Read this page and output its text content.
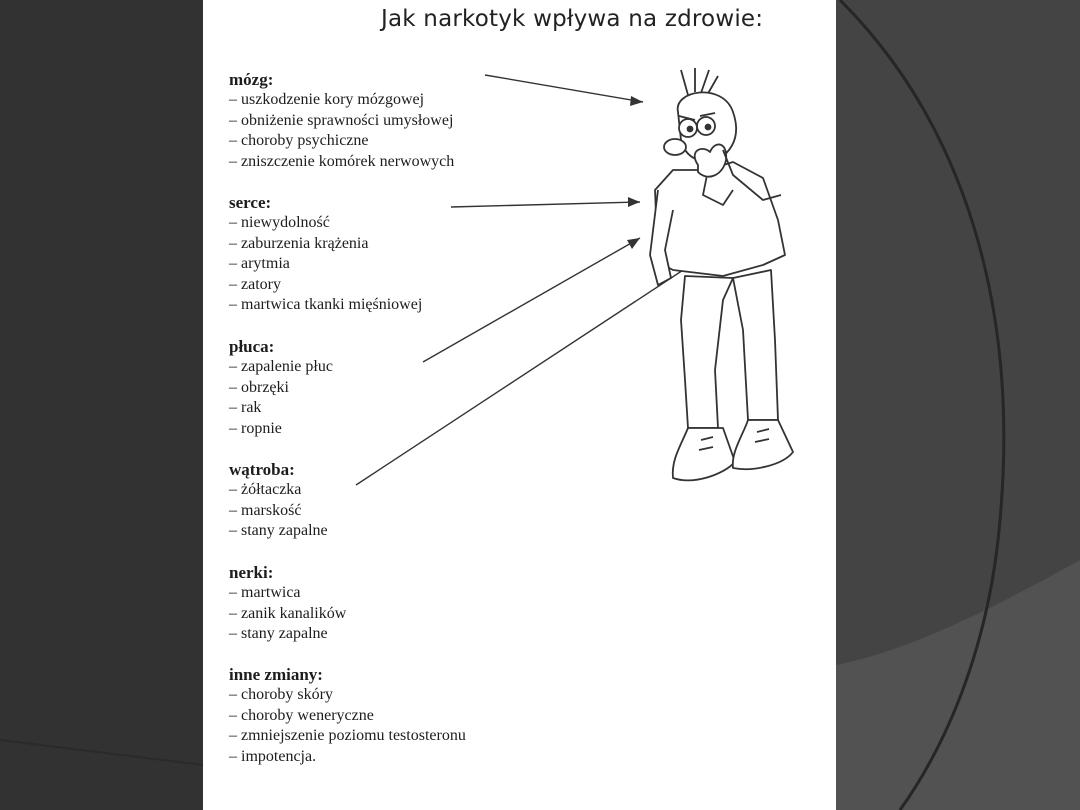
Jak narkotyk wpływa na zdrowie:

mózg:

– uszkodzenie kory mózgowej

– obniżenie sprawności umysłowej

– choroby psychiczne

– zniszczenie komórek nerwowych

serce:

– niewydolność

– zaburzenia krążenia

– arytmia

– zatory

– martwica tkanki mięśniowej

płuca:

– zapalenie płuc

– obrzęki

– rak

– ropnie

wątroba:

– żółtaczka

– marskość

– stany zapalne

nerki:

– martwica

– zanik kanalików

– stany zapalne

inne zmiany:

– choroby skóry

– choroby weneryczne

– zmniejszenie poziomu testosteronu

– impotencja.
